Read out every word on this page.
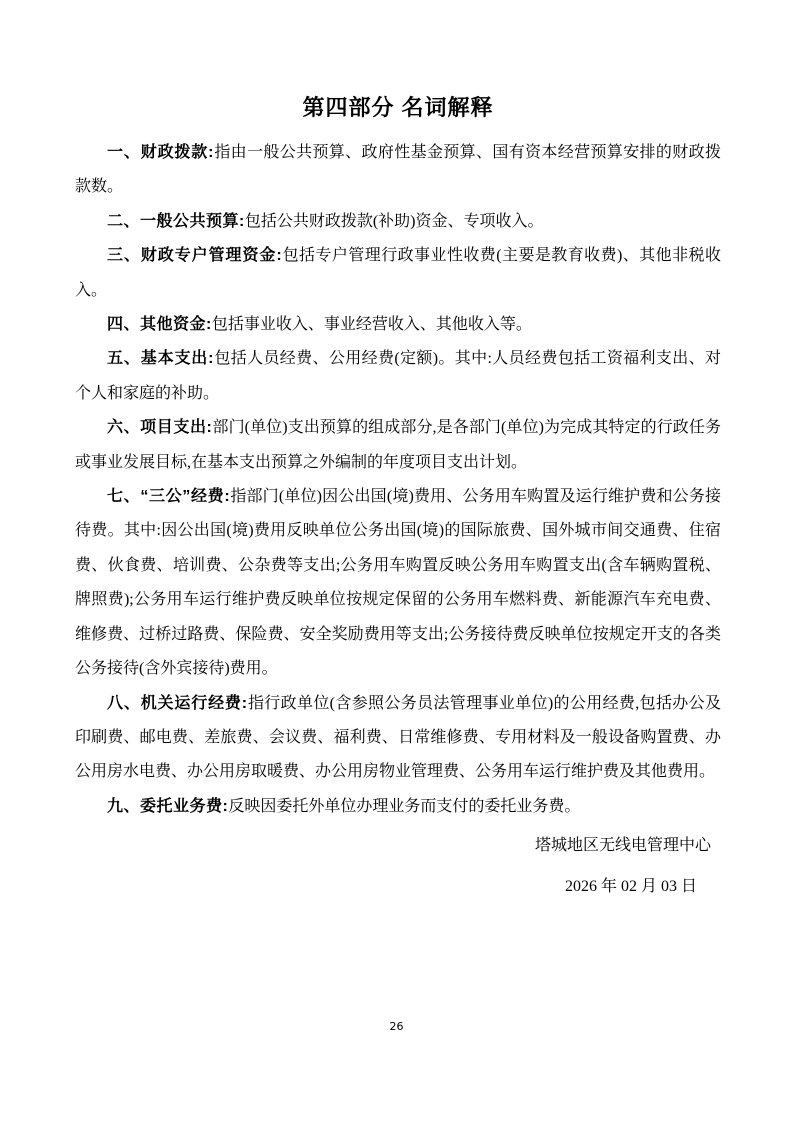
第四部分 名词解释

一、财政拨款:指由一般公共预算、政府性基金预算、国有资本经营预算安排的财政拨款数。

二、一般公共预算:包括公共财政拨款(补助)资金、专项收入。

三、财政专户管理资金:包括专户管理行政事业性收费(主要是教育收费)、其他非税收入。

四、其他资金:包括事业收入、事业经营收入、其他收入等。

五、基本支出:包括人员经费、公用经费(定额)。其中:人员经费包括工资福利支出、对个人和家庭的补助。

六、项目支出:部门(单位)支出预算的组成部分,是各部门(单位)为完成其特定的行政任务或事业发展目标,在基本支出预算之外编制的年度项目支出计划。

七、“三公”经费:指部门(单位)因公出国(境)费用、公务用车购置及运行维护费和公务接待费。其中:因公出国(境)费用反映单位公务出国(境)的国际旅费、国外城市间交通费、住宿费、伙食费、培训费、公杂费等支出;公务用车购置反映公务用车购置支出(含车辆购置税、牌照费);公务用车运行维护费反映单位按规定保留的公务用车燃料费、新能源汽车充电费、维修费、过桥过路费、保险费、安全奖励费用等支出;公务接待费反映单位按规定开支的各类公务接待(含外宾接待)费用。

八、机关运行经费:指行政单位(含参照公务员法管理事业单位)的公用经费,包括办公及印刷费、邮电费、差旅费、会议费、福利费、日常维修费、专用材料及一般设备购置费、办公用房水电费、办公用房取暖费、办公用房物业管理费、公务用车运行维护费及其他费用。

九、委托业务费:反映因委托外单位办理业务而支付的委托业务费。

塔城地区无线电管理中心

2026 年 02 月 03 日

26
